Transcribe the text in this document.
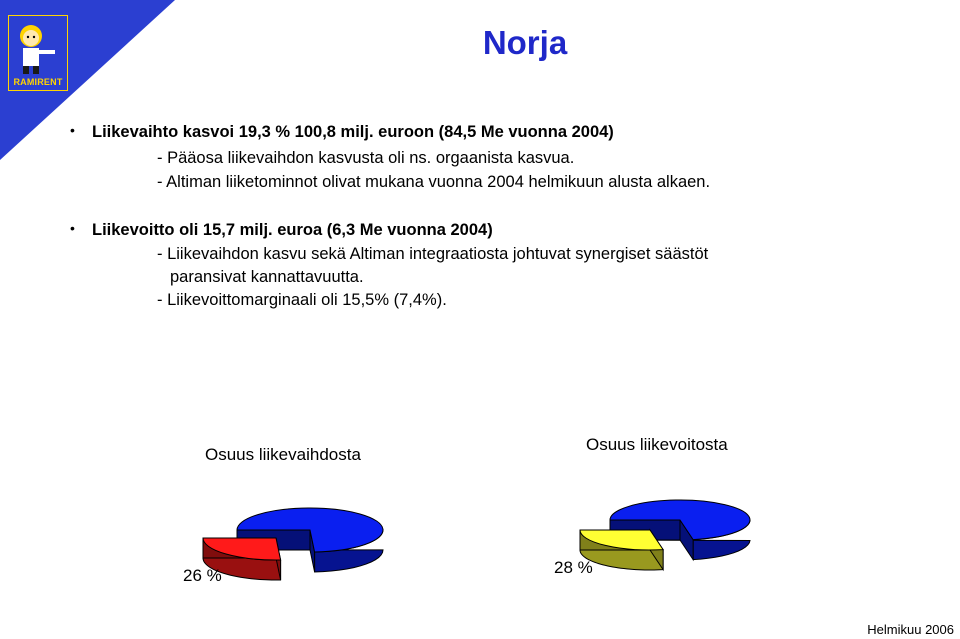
RAMIRENT
Norja
• Liikevaihto kasvoi 19,3 % 100,8 milj. euroon (84,5 Me vuonna 2004)
- Pääosa liikevaihdon kasvusta oli ns. orgaanista kasvua.
- Altiman liiketominnot olivat mukana vuonna 2004 helmikuun alusta alkaen.
• Liikevoitto oli 15,7 milj. euroa (6,3 Me vuonna 2004)
- Liikevaihdon kasvu sekä Altiman integraatiosta johtuvat synergiset säästöt
paransivat kannattavuutta.
- Liikevoittomarginaali oli 15,5% (7,4%).
Osuus liikevaihdosta
Osuus liikevoitosta
26 %	28 %
Helmikuu 2006
